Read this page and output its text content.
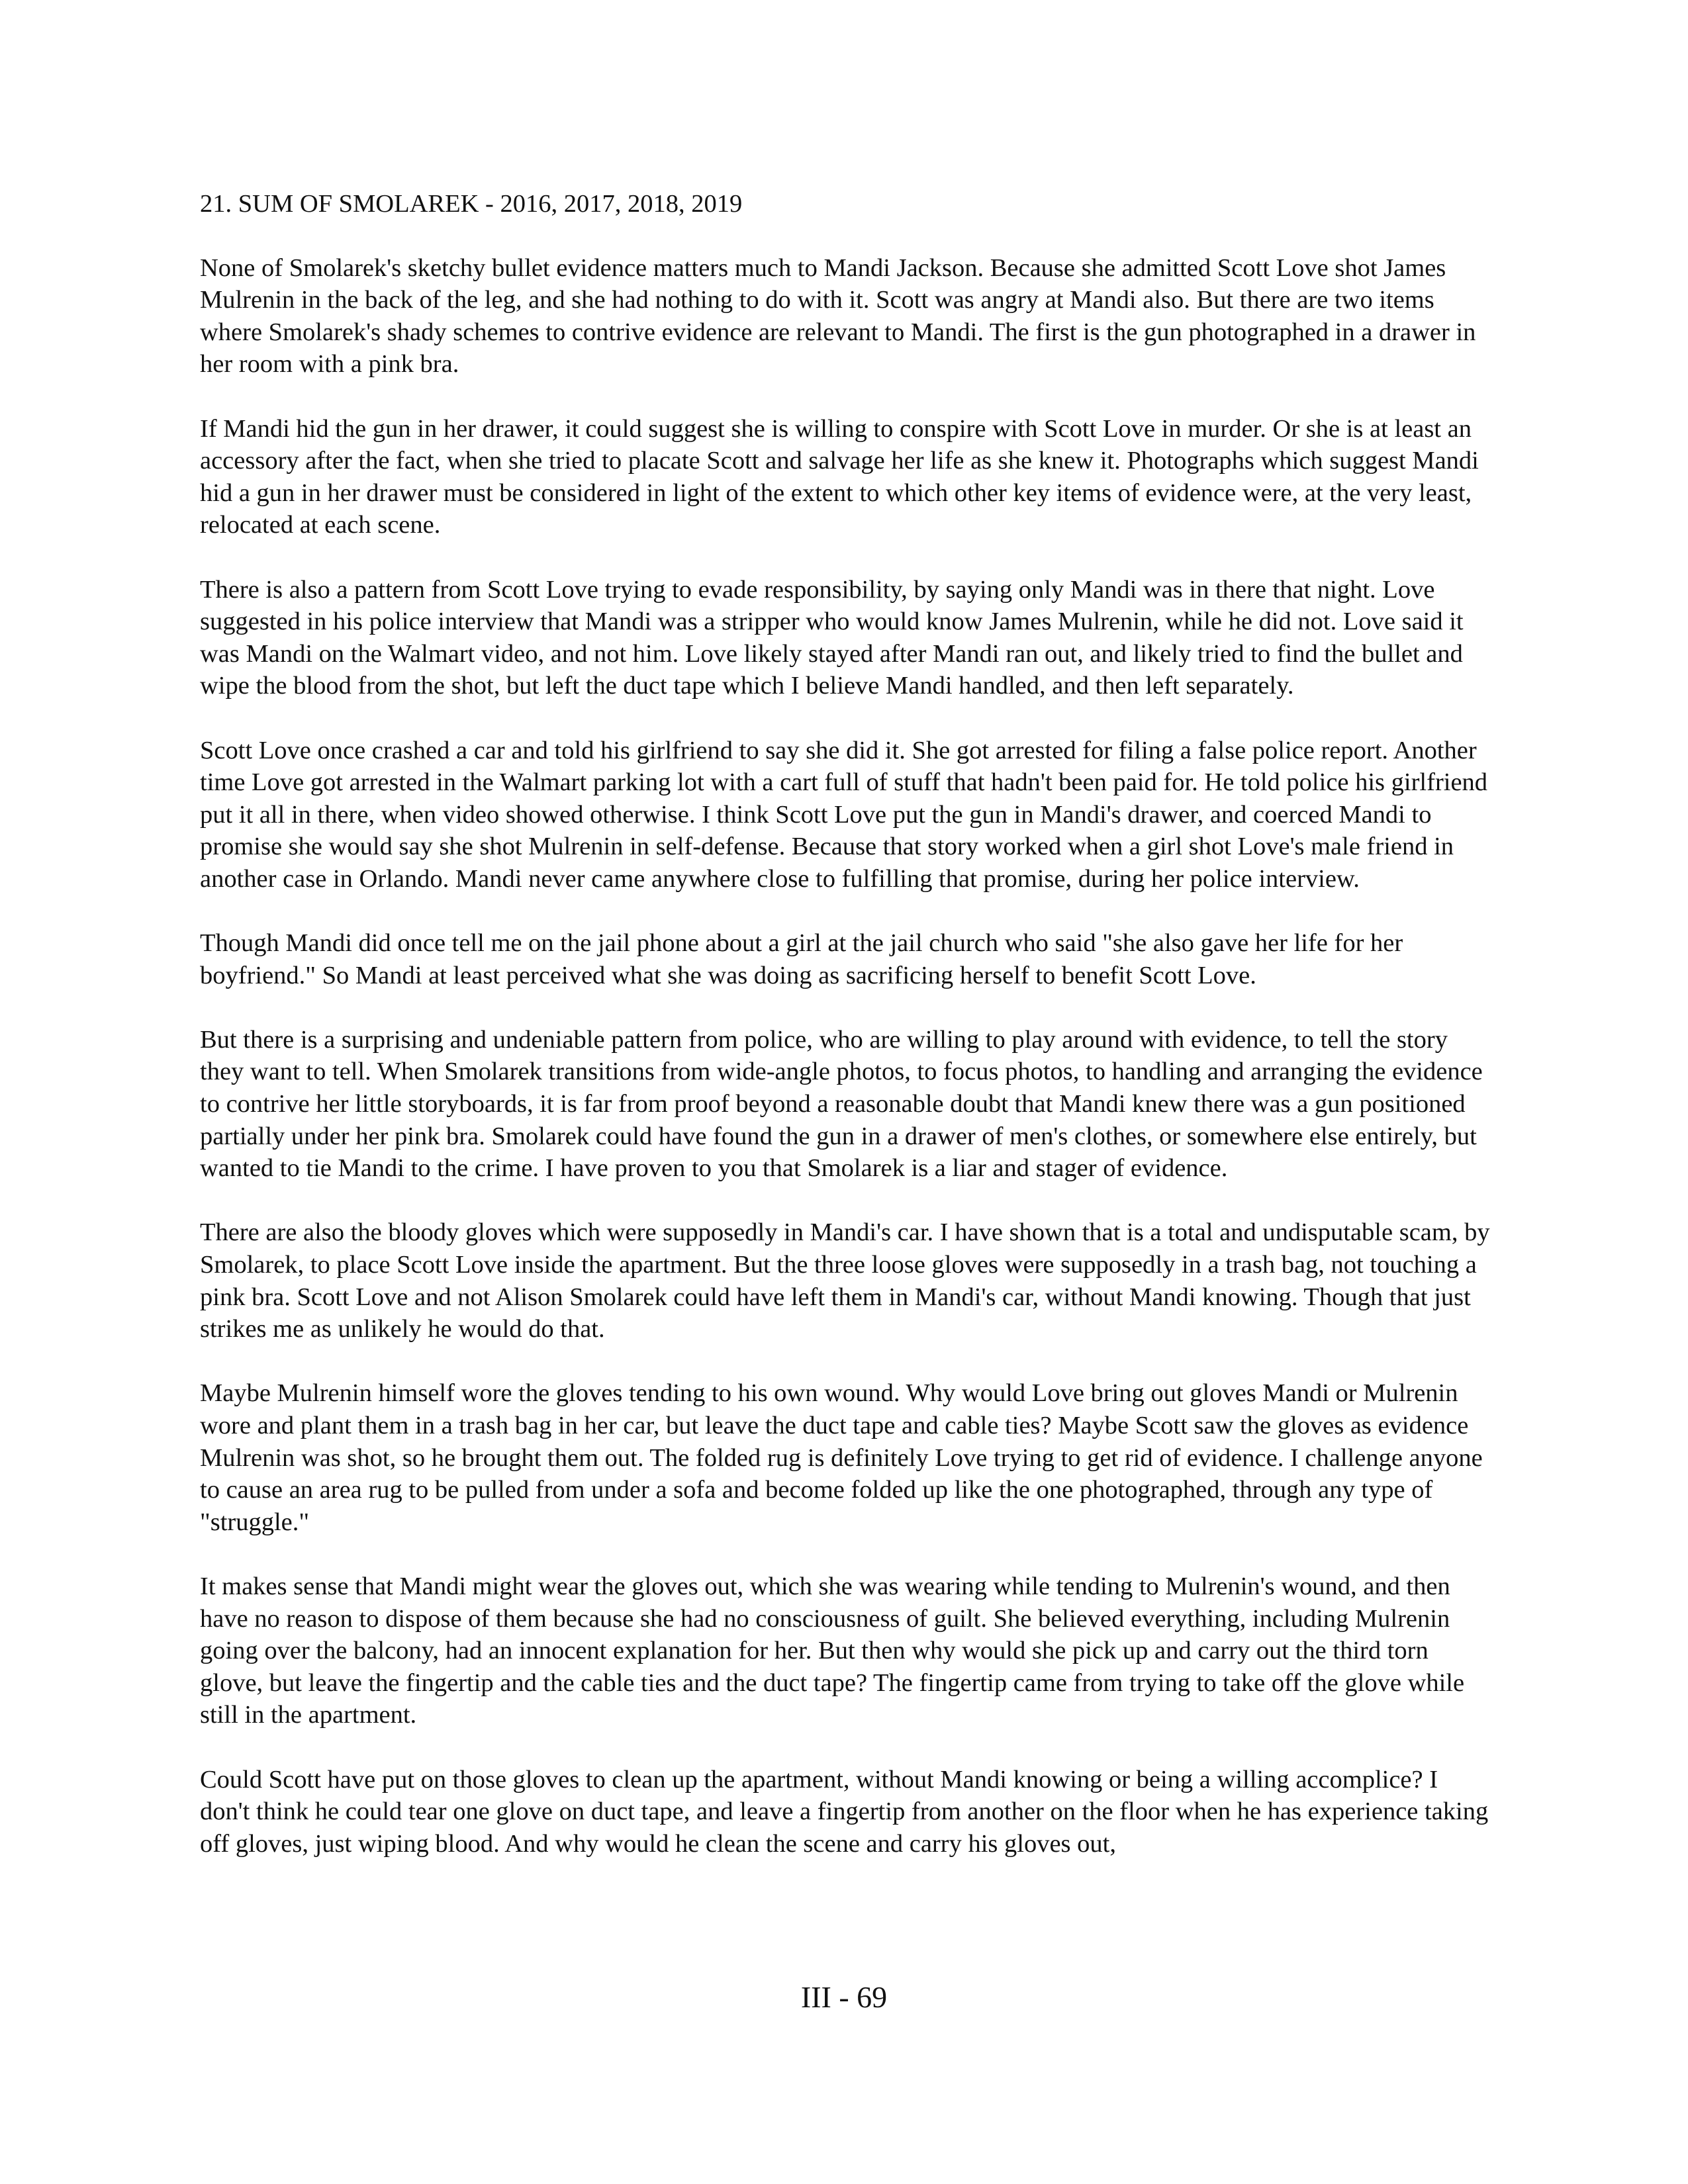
21. SUM OF SMOLAREK - 2016, 2017, 2018, 2019

None of Smolarek's sketchy bullet evidence matters much to Mandi Jackson. Because she admitted Scott Love shot James Mulrenin in the back of the leg, and she had nothing to do with it. Scott was angry at Mandi also. But there are two items where Smolarek's shady schemes to contrive evidence are relevant to Mandi. The first is the gun photographed in a drawer in her room with a pink bra.

If Mandi hid the gun in her drawer, it could suggest she is willing to conspire with Scott Love in murder. Or she is at least an accessory after the fact, when she tried to placate Scott and salvage her life as she knew it. Photographs which suggest Mandi hid a gun in her drawer must be considered in light of the extent to which other key items of evidence were, at the very least, relocated at each scene.

There is also a pattern from Scott Love trying to evade responsibility, by saying only Mandi was in there that night. Love suggested in his police interview that Mandi was a stripper who would know James Mulrenin, while he did not. Love said it was Mandi on the Walmart video, and not him. Love likely stayed after Mandi ran out, and likely tried to find the bullet and wipe the blood from the shot, but left the duct tape which I believe Mandi handled, and then left separately.

Scott Love once crashed a car and told his girlfriend to say she did it. She got arrested for filing a false police report. Another time Love got arrested in the Walmart parking lot with a cart full of stuff that hadn't been paid for. He told police his girlfriend put it all in there, when video showed otherwise. I think Scott Love put the gun in Mandi's drawer, and coerced Mandi to promise she would say she shot Mulrenin in self-defense. Because that story worked when a girl shot Love's male friend in another case in Orlando. Mandi never came anywhere close to fulfilling that promise, during her police interview.

Though Mandi did once tell me on the jail phone about a girl at the jail church who said "she also gave her life for her boyfriend." So Mandi at least perceived what she was doing as sacrificing herself to benefit Scott Love.

But there is a surprising and undeniable pattern from police, who are willing to play around with evidence, to tell the story they want to tell. When Smolarek transitions from wide-angle photos, to focus photos, to handling and arranging the evidence to contrive her little storyboards, it is far from proof beyond a reasonable doubt that Mandi knew there was a gun positioned partially under her pink bra. Smolarek could have found the gun in a drawer of men's clothes, or somewhere else entirely, but wanted to tie Mandi to the crime. I have proven to you that Smolarek is a liar and stager of evidence.

There are also the bloody gloves which were supposedly in Mandi's car. I have shown that is a total and undisputable scam, by Smolarek, to place Scott Love inside the apartment. But the three loose gloves were supposedly in a trash bag, not touching a pink bra. Scott Love and not Alison Smolarek could have left them in Mandi's car, without Mandi knowing. Though that just strikes me as unlikely he would do that.

Maybe Mulrenin himself wore the gloves tending to his own wound. Why would Love bring out gloves Mandi or Mulrenin wore and plant them in a trash bag in her car, but leave the duct tape and cable ties? Maybe Scott saw the gloves as evidence Mulrenin was shot, so he brought them out. The folded rug is definitely Love trying to get rid of evidence. I challenge anyone to cause an area rug to be pulled from under a sofa and become folded up like the one photographed, through any type of "struggle."

It makes sense that Mandi might wear the gloves out, which she was wearing while tending to Mulrenin's wound, and then have no reason to dispose of them because she had no consciousness of guilt. She believed everything, including Mulrenin going over the balcony, had an innocent explanation for her. But then why would she pick up and carry out the third torn glove, but leave the fingertip and the cable ties and the duct tape? The fingertip came from trying to take off the glove while still in the apartment.

Could Scott have put on those gloves to clean up the apartment, without Mandi knowing or being a willing accomplice? I don't think he could tear one glove on duct tape, and leave a fingertip from another on the floor when he has experience taking off gloves, just wiping blood. And why would he clean the scene and carry his gloves out,

III - 69
